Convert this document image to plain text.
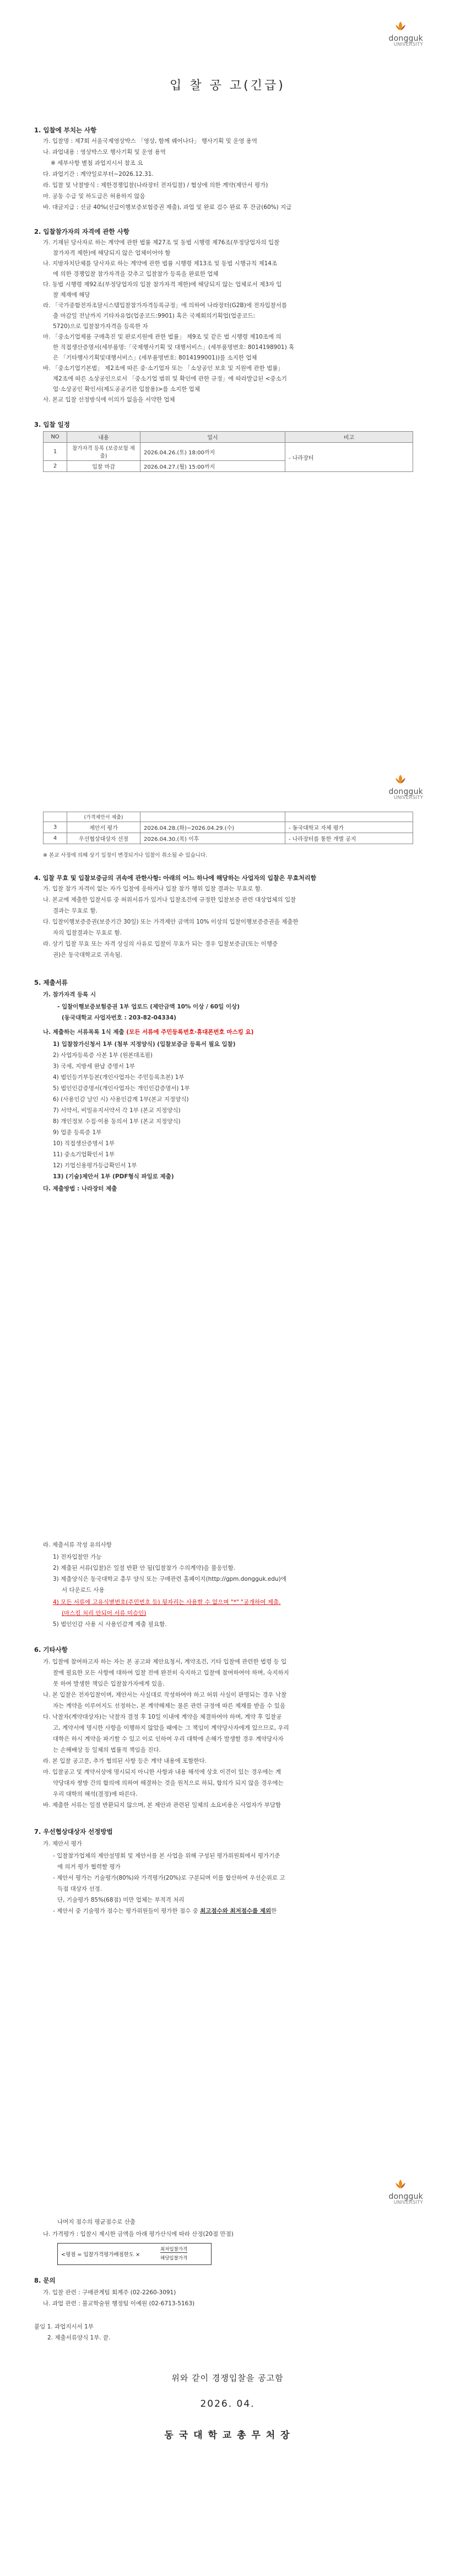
dongguk
UNIVERSITY
입 찰 공 고(긴급)
1. 입찰에 부치는 사항
가. 입찰명 : 제7회 서울국제영상박스 「영상, 함께 꿰어나다」 행사기획 및 운영 용역
나. 과업내용 : 영상박스모 행사기획 및 운영 용역
※ 세부사항 별첨 과업지시서 참조 요
다. 과업기간 : 계약일로부터~2026.12.31.
라. 입찰 및 낙찰방식 : 제한경쟁입찰(나라장터 전자입찰) / 협상에 의한 계약(제안서 평가)
마. 공동 수급 및 하도급은 허용하지 않음
바. 대금지급 : 선금 40%(선급이행보증보험증권 제출), 과업 및 완료 검수 완료 후 잔금(60%) 지급
2. 입찰참가자의 자격에 관한 사항
가. 기재된 당사자로 하는 계약에 관한 법률 제27조 및 동법 시행령 제76조(부정당업자의 입찰
참가자격 제한)에 해당되지 않은 업체이어야 함
나. 지방자치단체를 당사자로 하는 계약에 관한 법률 시행령 제13조 및 동법 시행규칙 제14조
에 의한 경쟁입찰 참가자격을 갖추고 입찰참가 등록을 완료한 업체
다. 동법 시행령 제92조(부정당업자의 입찰 참가자격 제한)에 해당되지 않는 업체로서 제3자 입
찰 제재에 해당
라. 「국가종합전자조달시스템입찰참가자격등록규정」에 의하여 나라장터(G2B)에 전자입찰서를
출 마감일 전날까지 기타자유업(업종코드:9901) 혹은 국제회의기획업(업종코드:
5720)으로 입찰참가자격을 등록한 자
마. 「중소기업제품 구매촉진 및 판로지원에 관한 법률」 제9조 및 같은 법 시행령 제10조에 의
한 직접생산증명서(세부품명:「국제행사기획 및 대행서비스」(세부품명번호: 8014198901) 혹
은 「기타행사기획및대행서비스」(세부품명번호: 8014199001))를 소지한 업체
바. 「중소기업기본법」 제2조에 따른 중·소기업자 또는 「소상공인 보호 및 지원에 관한 법률」
제2조에 따른 소상공인으로서 「중소기업 범위 및 확인에 관한 규정」에 따라발급된 <중소기
업·소상공인 확인서(제도공공기관 입찰용)>를 소지한 업체
사. 본교 입찰 선정방식에 이의가 없음을 서약한 업체
3. 입찰 일정
NO	내용	일시	비고
1	참가자격 등록 (보증보험 제출)	2026.04.26.(토) 18:00까지	- 나라장터
2	입찰 마감	2026.04.27.(월) 15:00까지	
dongguk
UNIVERSITY
	(가격제안서 제출)		
3	제안서 평가	2026.04.28.(화)~2026.04.29.(수)	- 동국대학교 자체 평가
4	우선협상대상자 선정	2026.04.30.(목) 이후	- 나라장터를 통한 개별 공지
※ 본교 사정에 의해 상기 일정이 변경되거나 입찰이 취소될 수 있습니다.
4. 입찰 무효 및 입찰보증금의 귀속에 관한사항: 아래의 어느 하나에 해당하는 사업자의 입찰은 무효처리함
가. 입찰 참가 자격이 없는 자가 입찰에 응하거나 입찰 참가 행위 입찰 결과는 무효로 함.
나. 본교에 제출한 입찰서류 중 허위서류가 있거나 입찰조건에 규정한 입찰보증 관련 대상업체의 입찰
결과는 무효로 함.
다. 입찰이행보증증권(보증기간 30일) 또는 가격제안 금액의 10% 이상의 입찰이행보증증권을 제출한
자의 입찰결과는 무효로 함.
라. 상기 입찰 무효 또는 자격 상실의 사유로 입찰이 무효가 되는 경우 입찰보증금(또는 이행증
권)은 동국대학교로 귀속됨.
5. 제출서류
가. 참가자격 등록 시
- 입찰이행보증보험증권 1부 업로드 (제안금액 10% 이상 / 60일 이상)
(동국대학교 사업자번호 : 203-82-04334)
나. 제출하는 서류목록 1식 제출 (모든 서류에 주민등록번호·휴대폰번호 마스킹 요)
1) 입찰참가신청서 1부 (첨부 지정양식) (입찰보증금 등록서 필요 입찰)
2) 사업자등록증 사본 1부 (원본대조필)
3) 국세, 지방세 완납 증명서 1부
4) 법인등기부등본(개인사업자는 주민등록초본) 1부
5) 법인인감증명서(개인사업자는 개인인감증명서) 1부
6) (사용인감 날인 시) 사용인감계 1부(본교 지정양식)
7) 서약서, 비밀유지서약서 각 1부 (본교 지정양식)
8) 개인정보 수집·이용 동의서 1부 (본교 지정양식)
9) 업종 등록증 1부
10) 직접생산증명서 1부
11) 중소기업확인서 1부
12) 기업신용평가등급확인서 1부
13) (기술)제안서 1부 (PDF형식 파일로 제출)
다. 제출방법 : 나라장터 제출
라. 제출서류 작성 유의사항
1) 전자입찰만 가능
2) 제출된 서류(입찰)은 일절 반환 안 됨(입찰참가 수의계약)을 불응인함.
3) 제출양식은 동국대학교 총무 양식 또는 구매관련 홈페이지(http://gpm.dongguk.edu)에
서 다운로드 사용
4) 모든 서류에 고유식별번호(주민번호 등) 뒷자리는 사용할 수 없으며 "*" "공개하여 제출.
(마스킹 처리 안되어 서류 미승인)
5) 법인인감 사용 시 사용인감계 제출 필요함.
6. 기타사항
가. 입찰에 참여하고자 하는 자는 본 공고와 제안요청서, 계약조건, 기타 입찰에 관련한 법령 등 입
찰에 필요한 모든 사항에 대하여 입찰 전에 완전히 숙지하고 입찰에 참여하여야 하며, 숙지하지
못 하여 발생한 책임은 입찰참가자에게 있음.
나. 본 입찰은 전자입찰이며, 제안서는 사실대로 작성하여야 하고 허위 사실이 판명되는 경우 낙찰
자는 계약을 이루어지도 선정하는, 본 계약해제는 물론 관련 규정에 따른 제재를 받을 수 있음
다. 낙찰자(계약대상자)는 낙찰자 결정 후 10일 이내에 계약을 체결하여야 하며, 계약 후 입찰공
고, 계약서에 명시한 사항을 이행하지 않았을 때에는 그 책임이 계약당사자에게 있으므로, 우리
대학은 하시 계약을 파기할 수 있고 이로 인하여 우리 대학에 손해가 발생할 경우 계약당사자
는 손해배상 등 일체의 법률적 책임을 진다.
라. 본 입찰 공고문, 추가 협의된 사항 등은 계약 내용에 포함한다.
마. 입찰공고 및 계약서상에 명시되지 아니한 사항과 내용 해석에 상호 이견이 있는 경우에는 계
약당대자 쌍방 간의 합의에 의하여 해결하는 것을 원칙으로 하되, 합의가 되지 않을 경우에는
우리 대학의 해석(결정)에 따른다.
바. 제출한 서류는 일절 반환되지 않으며, 본 제안과 관련된 일체의 소요비용은 사업자가 부담함
7. 우선협상대상자 선정방법
가. 제안서 평가
- 입찰참가업체의 제안설명회 및 제안서를 본 사업을 위해 구성된 평가위원회에서 평가기준
에 의거 평가 협력할 평가
- 제안서 평가는 기술평가(80%)와 가격평가(20%)로 구분되며 이를 합산하여 우선순위로 고
득점 대상자 선정.
단, 기술평가 85%(68점) 미만 업체는 부적격 처리
- 제안서 중 기술평가 점수는 평가위원들이 평가한 점수 중 최고점수와 최저점수를 제외한
dongguk
UNIVERSITY
나머지 점수의 평균점수로 산출
나. 가격평가 : 입찰시 제시한 금액을 아래 평가산식에 따라 산정(20점 만점)
<평점 = 입찰가격평가배점한도 ×
최저입찰가격
해당입찰가격
8. 문의
가. 입찰 관련 : 구매관계팀 회계주 (02-2260-3091)
나. 과업 관련 : 불교학술원 행정팀 이예원 (02-6713-5163)
붙임 1. 과업지시서 1부
2. 제출서류양식 1부. 끝.
위와 같이 경쟁입찰을 공고함
2026. 04.
동 국 대 학 교 총 무 처 장
